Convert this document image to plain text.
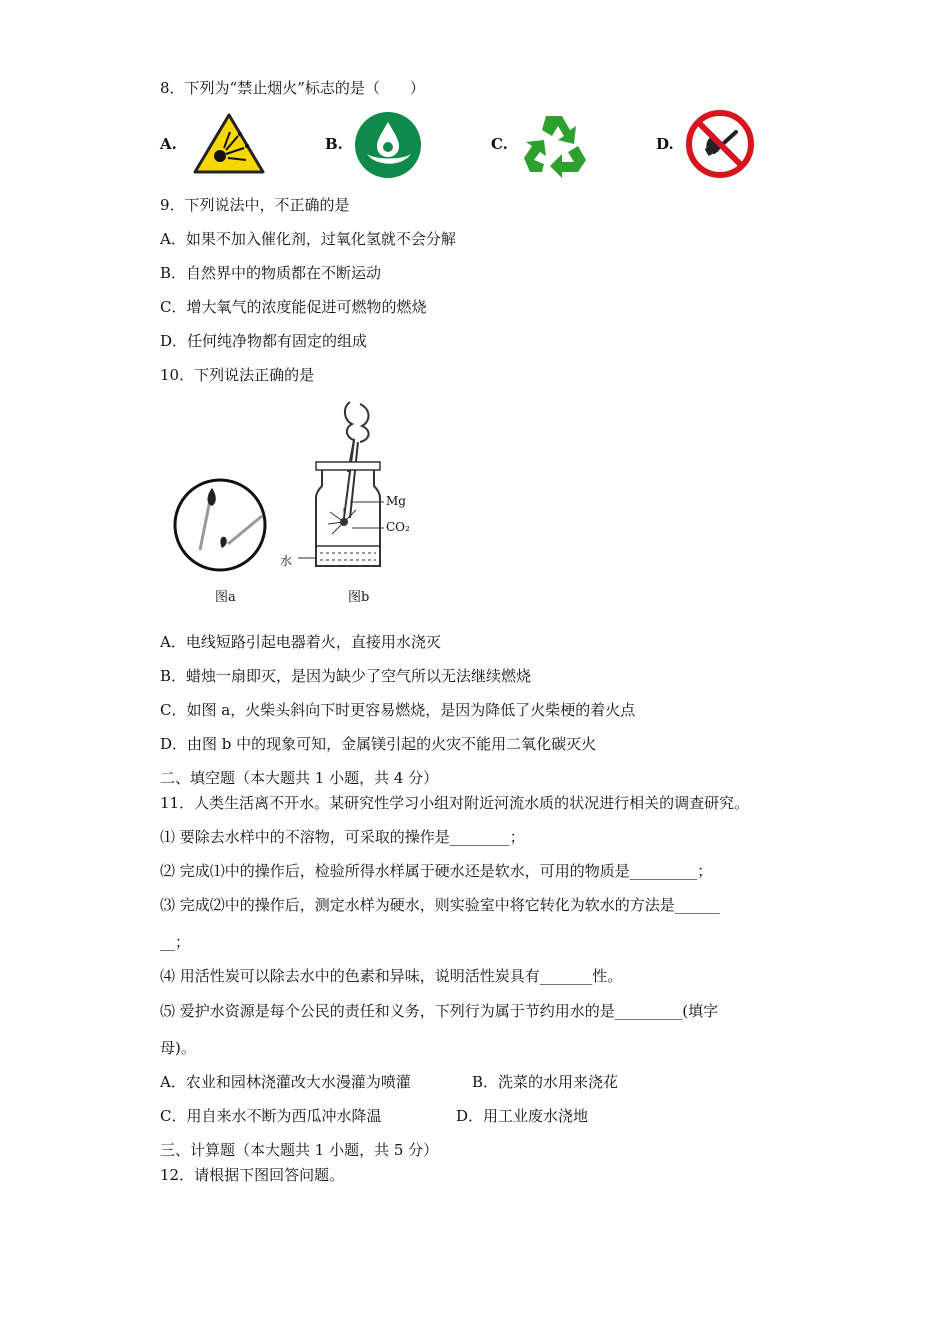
8．下列为“禁止烟火”标志的是（　　）
A.	B.	C.	D.
9．下列说法中，不正确的是
A．如果不加入催化剂，过氧化氢就不会分解
B．自然界中的物质都在不断运动
C．增大氧气的浓度能促进可燃物的燃烧
D．任何纯净物都有固定的组成
10．下列说法正确的是
图a
Mg
CO₂
水
图b
A．电线短路引起电器着火，直接用水浇灭
B．蜡烛一扇即灭，是因为缺少了空气所以无法继续燃烧
C．如图 a，火柴头斜向下时更容易燃烧，是因为降低了火柴梗的着火点
D．由图 b 中的现象可知，金属镁引起的火灾不能用二氧化碳灭火
二、填空题（本大题共 1 小题，共 4 分）
11．人类生活离不开水。某研究性学习小组对附近河流水质的状况进行相关的调查研究。
⑴ 要除去水样中的不溶物，可采取的操作是________；
⑵ 完成⑴中的操作后，检验所得水样属于硬水还是软水，可用的物质是_________；
⑶ 完成⑵中的操作后，测定水样为硬水，则实验室中将它转化为软水的方法是______
__；
⑷ 用活性炭可以除去水中的色素和异味，说明活性炭具有_______性。
⑸ 爱护水资源是每个公民的责任和义务，下列行为属于节约用水的是_________(填字
母)。
A．农业和园林浇灌改大水漫灌为喷灌	B．洗菜的水用来浇花
C．用自来水不断为西瓜冲水降温	D．用工业废水浇地
三、计算题（本大题共 1 小题，共 5 分）
12．请根据下图回答问题。
